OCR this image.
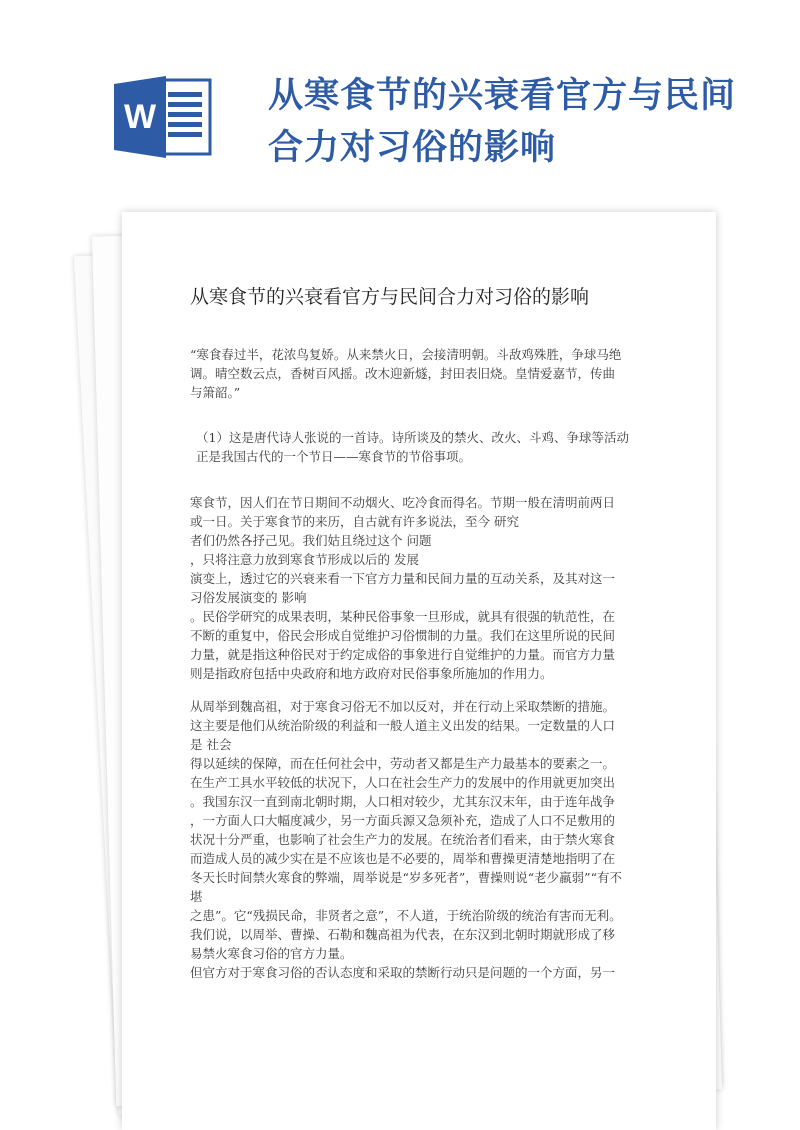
W
从寒食节的兴衰看官方与民间合力对习俗的影响
从寒食节的兴衰看官方与民间合力对习俗的影响

“寒食春过半，花浓鸟复娇。从来禁火日，会接清明朝。斗敌鸡殊胜，争球马绝
调。晴空数云点，香树百风摇。改木迎新燧，封田表旧烧。皇情爱嘉节，传曲
与箫韶。”

（1）这是唐代诗人张说的一首诗。诗所谈及的禁火、改火、斗鸡、争球等活动
正是我国古代的一个节日——寒食节的节俗事项。

寒食节，因人们在节日期间不动烟火、吃冷食而得名。节期一般在清明前两日
或一日。关于寒食节的来历，自古就有许多说法，至今 研究
者们仍然各抒己见。我们姑且绕过这个 问题
，只将注意力放到寒食节形成以后的 发展
演变上，透过它的兴衰来看一下官方力量和民间力量的互动关系，及其对这一
习俗发展演变的 影响
。民俗学研究的成果表明，某种民俗事象一旦形成，就具有很强的轨范性，在
不断的重复中，俗民会形成自觉维护习俗惯制的力量。我们在这里所说的民间
力量，就是指这种俗民对于约定成俗的事象进行自觉维护的力量。而官方力量
则是指政府包括中央政府和地方政府对民俗事象所施加的作用力。

从周举到魏高祖，对于寒食习俗无不加以反对，并在行动上采取禁断的措施。
这主要是他们从统治阶级的利益和一般人道主义出发的结果。一定数量的人口
是 社会
得以延续的保障，而在任何社会中，劳动者又都是生产力最基本的要素之一。
在生产工具水平较低的状况下，人口在社会生产力的发展中的作用就更加突出
。我国东汉一直到南北朝时期，人口相对较少，尤其东汉末年，由于连年战争
，一方面人口大幅度减少，另一方面兵源又急须补充，造成了人口不足敷用的
状况十分严重，也影响了社会生产力的发展。在统治者们看来，由于禁火寒食
而造成人员的减少实在是不应该也是不必要的，周举和曹操更清楚地指明了在
冬天长时间禁火寒食的弊端，周举说是“岁多死者”，曹操则说“老少羸弱”“有不堪
之患”。它“残损民命，非贤者之意”，不人道，于统治阶级的统治有害而无利。
我们说，以周举、曹操、石勒和魏高祖为代表，在东汉到北朝时期就形成了移
易禁火寒食习俗的官方力量。

但官方对于寒食习俗的否认态度和采取的禁断行动只是问题的一个方面，另一
